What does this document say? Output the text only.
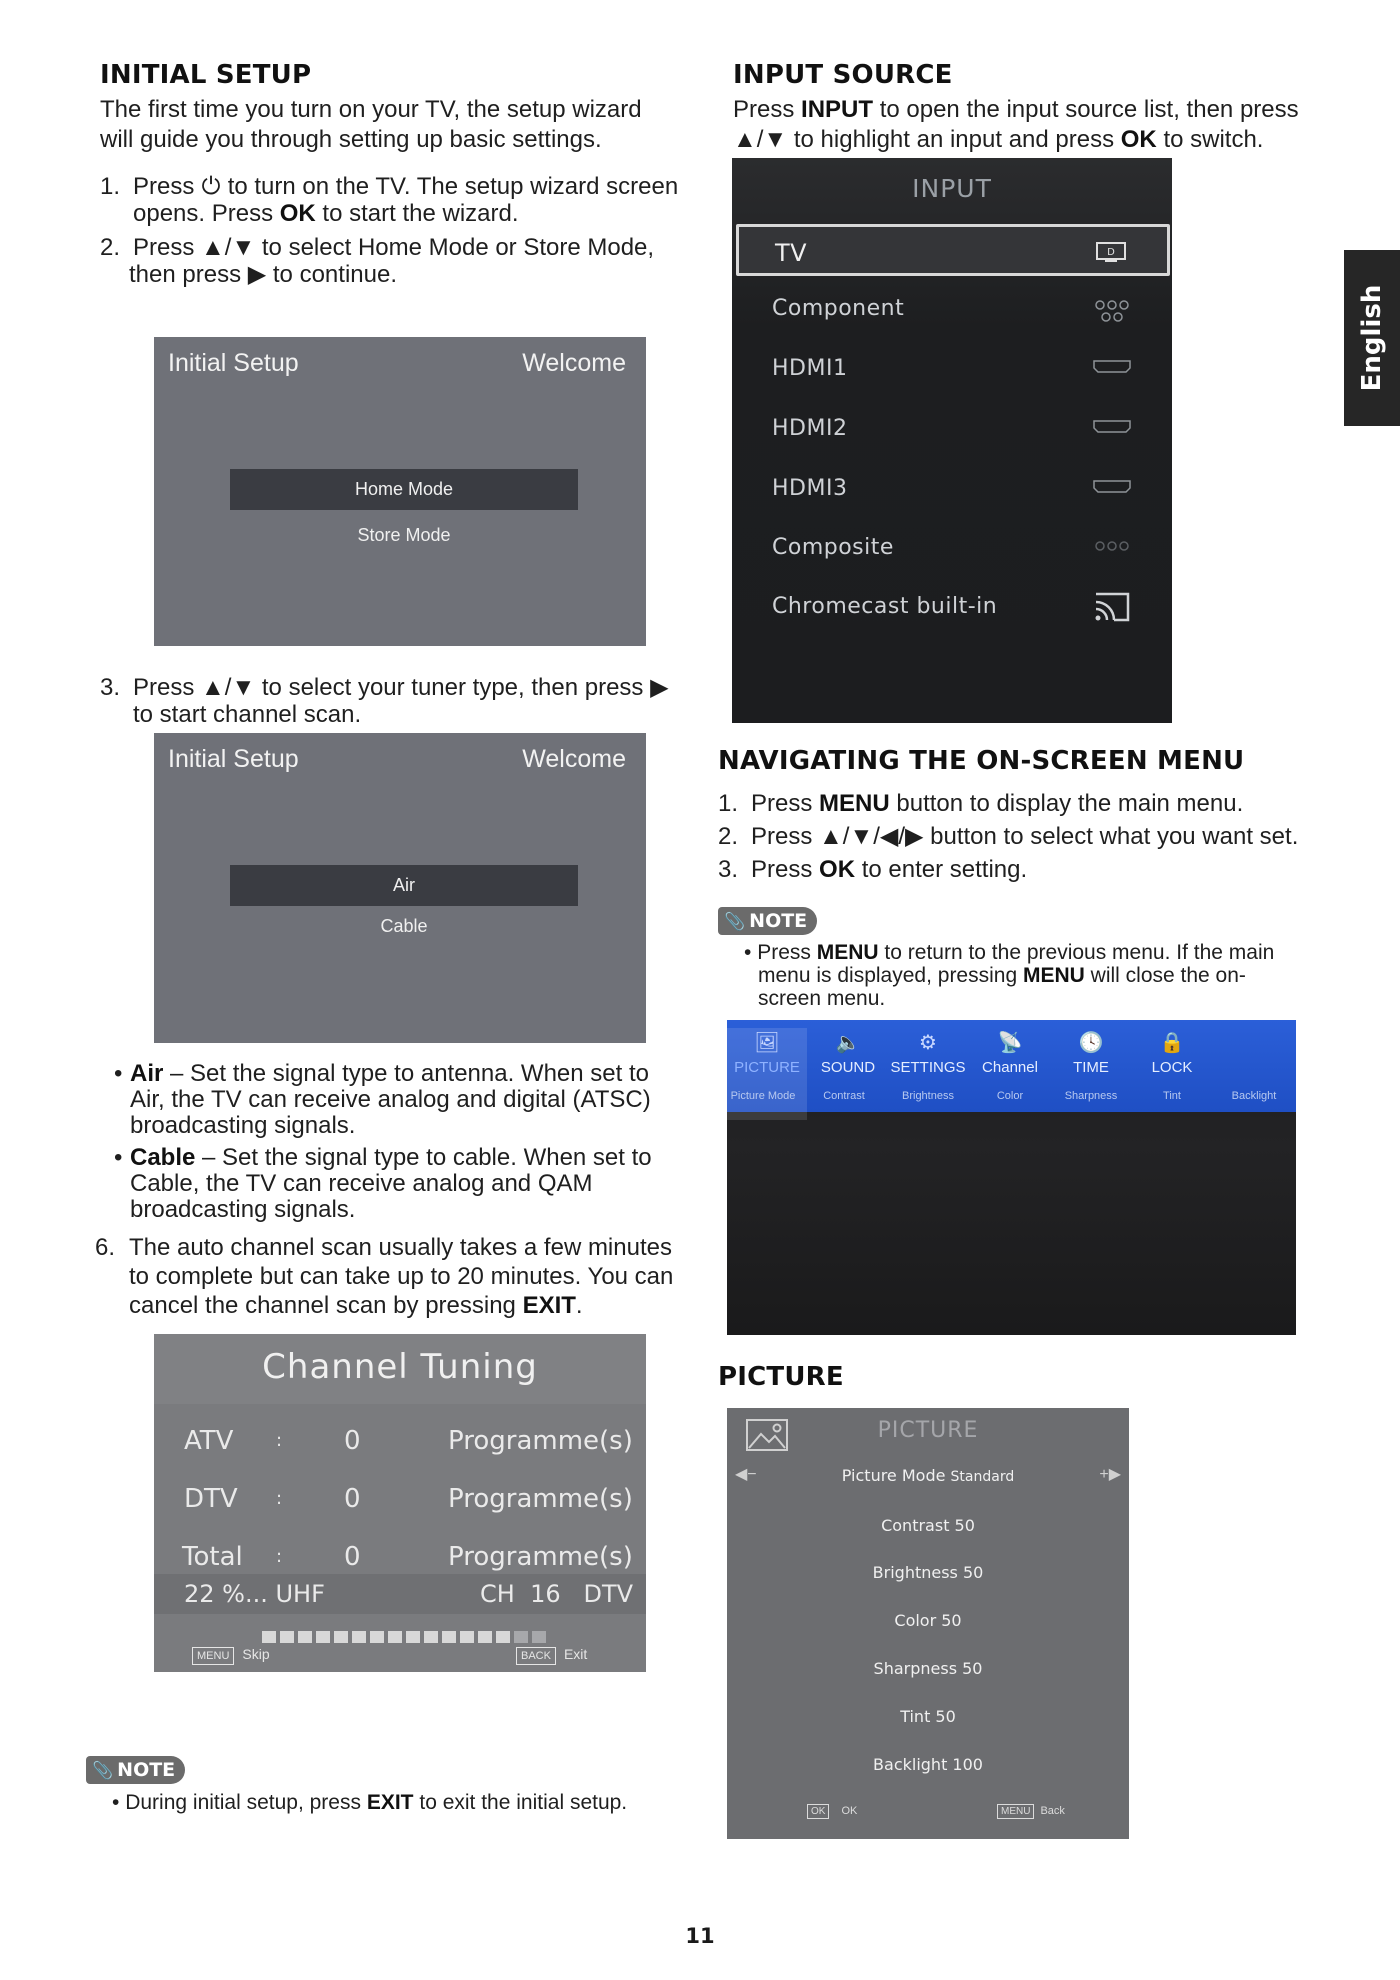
English
INITIAL SETUP
The first time you turn on your TV, the setup wizard
will guide you through setting up basic settings.
1. Press ⏻ to turn on the TV. The setup wizard screen
opens. Press OK to start the wizard.
2. Press ▲/▼ to select Home Mode or Store Mode,

then press ▶ to continue.
Initial Setup	Welcome
Home Mode
Store Mode
3. Press ▲/▼ to select your tuner type, then press ▶
to start channel scan.
Initial Setup	Welcome
Air
Cable
• Air – Set the signal type to antenna. When set to
Air, the TV can receive analog and digital (ATSC)
broadcasting signals.
• Cable – Set the signal type to cable. When set to
Cable, the TV can receive analog and QAM
broadcasting signals.
6. The auto channel scan usually takes a few minutes
to complete but can take up to 20 minutes. You can
cancel the channel scan by pressing EXIT.
Channel Tuning
ATV : 0	Programme(s)
DTV : 0	Programme(s)
Total : 0	Programme(s)
22 %... UHF	CH  16   DTV
MENU Skip	BACK Exit
📎 NOTE
• During initial setup, press EXIT to exit the initial setup.
INPUT SOURCE
Press INPUT to open the input source list, then press
▲/▼ to highlight an input and press OK to switch.
INPUT
TV	D
Component
HDMI1
HDMI2
HDMI3
Composite
Chromecast built-in
NAVIGATING THE ON-SCREEN MENU
1. Press MENU button to display the main menu.
2. Press ▲/▼/◀/▶ button to select what you want set.
3. Press OK to enter setting.
📎 NOTE
• Press MENU to return to the previous menu. If the main
menu is displayed, pressing MENU will close the on-
screen menu.
🖼
PICTURE
🔈
SOUND
⚙
SETTINGS
📡
Channel
🕓
TIME
🔒
LOCK
Picture Mode	Contrast	Brightness	Color	Sharpness	Tint	Backlight
PICTURE
PICTURE
◀−	+▶
Picture Mode Standard
Contrast 50
Brightness 50
Color 50
Sharpness 50
Tint 50
Backlight 100
OK OK	MENU Back
11
